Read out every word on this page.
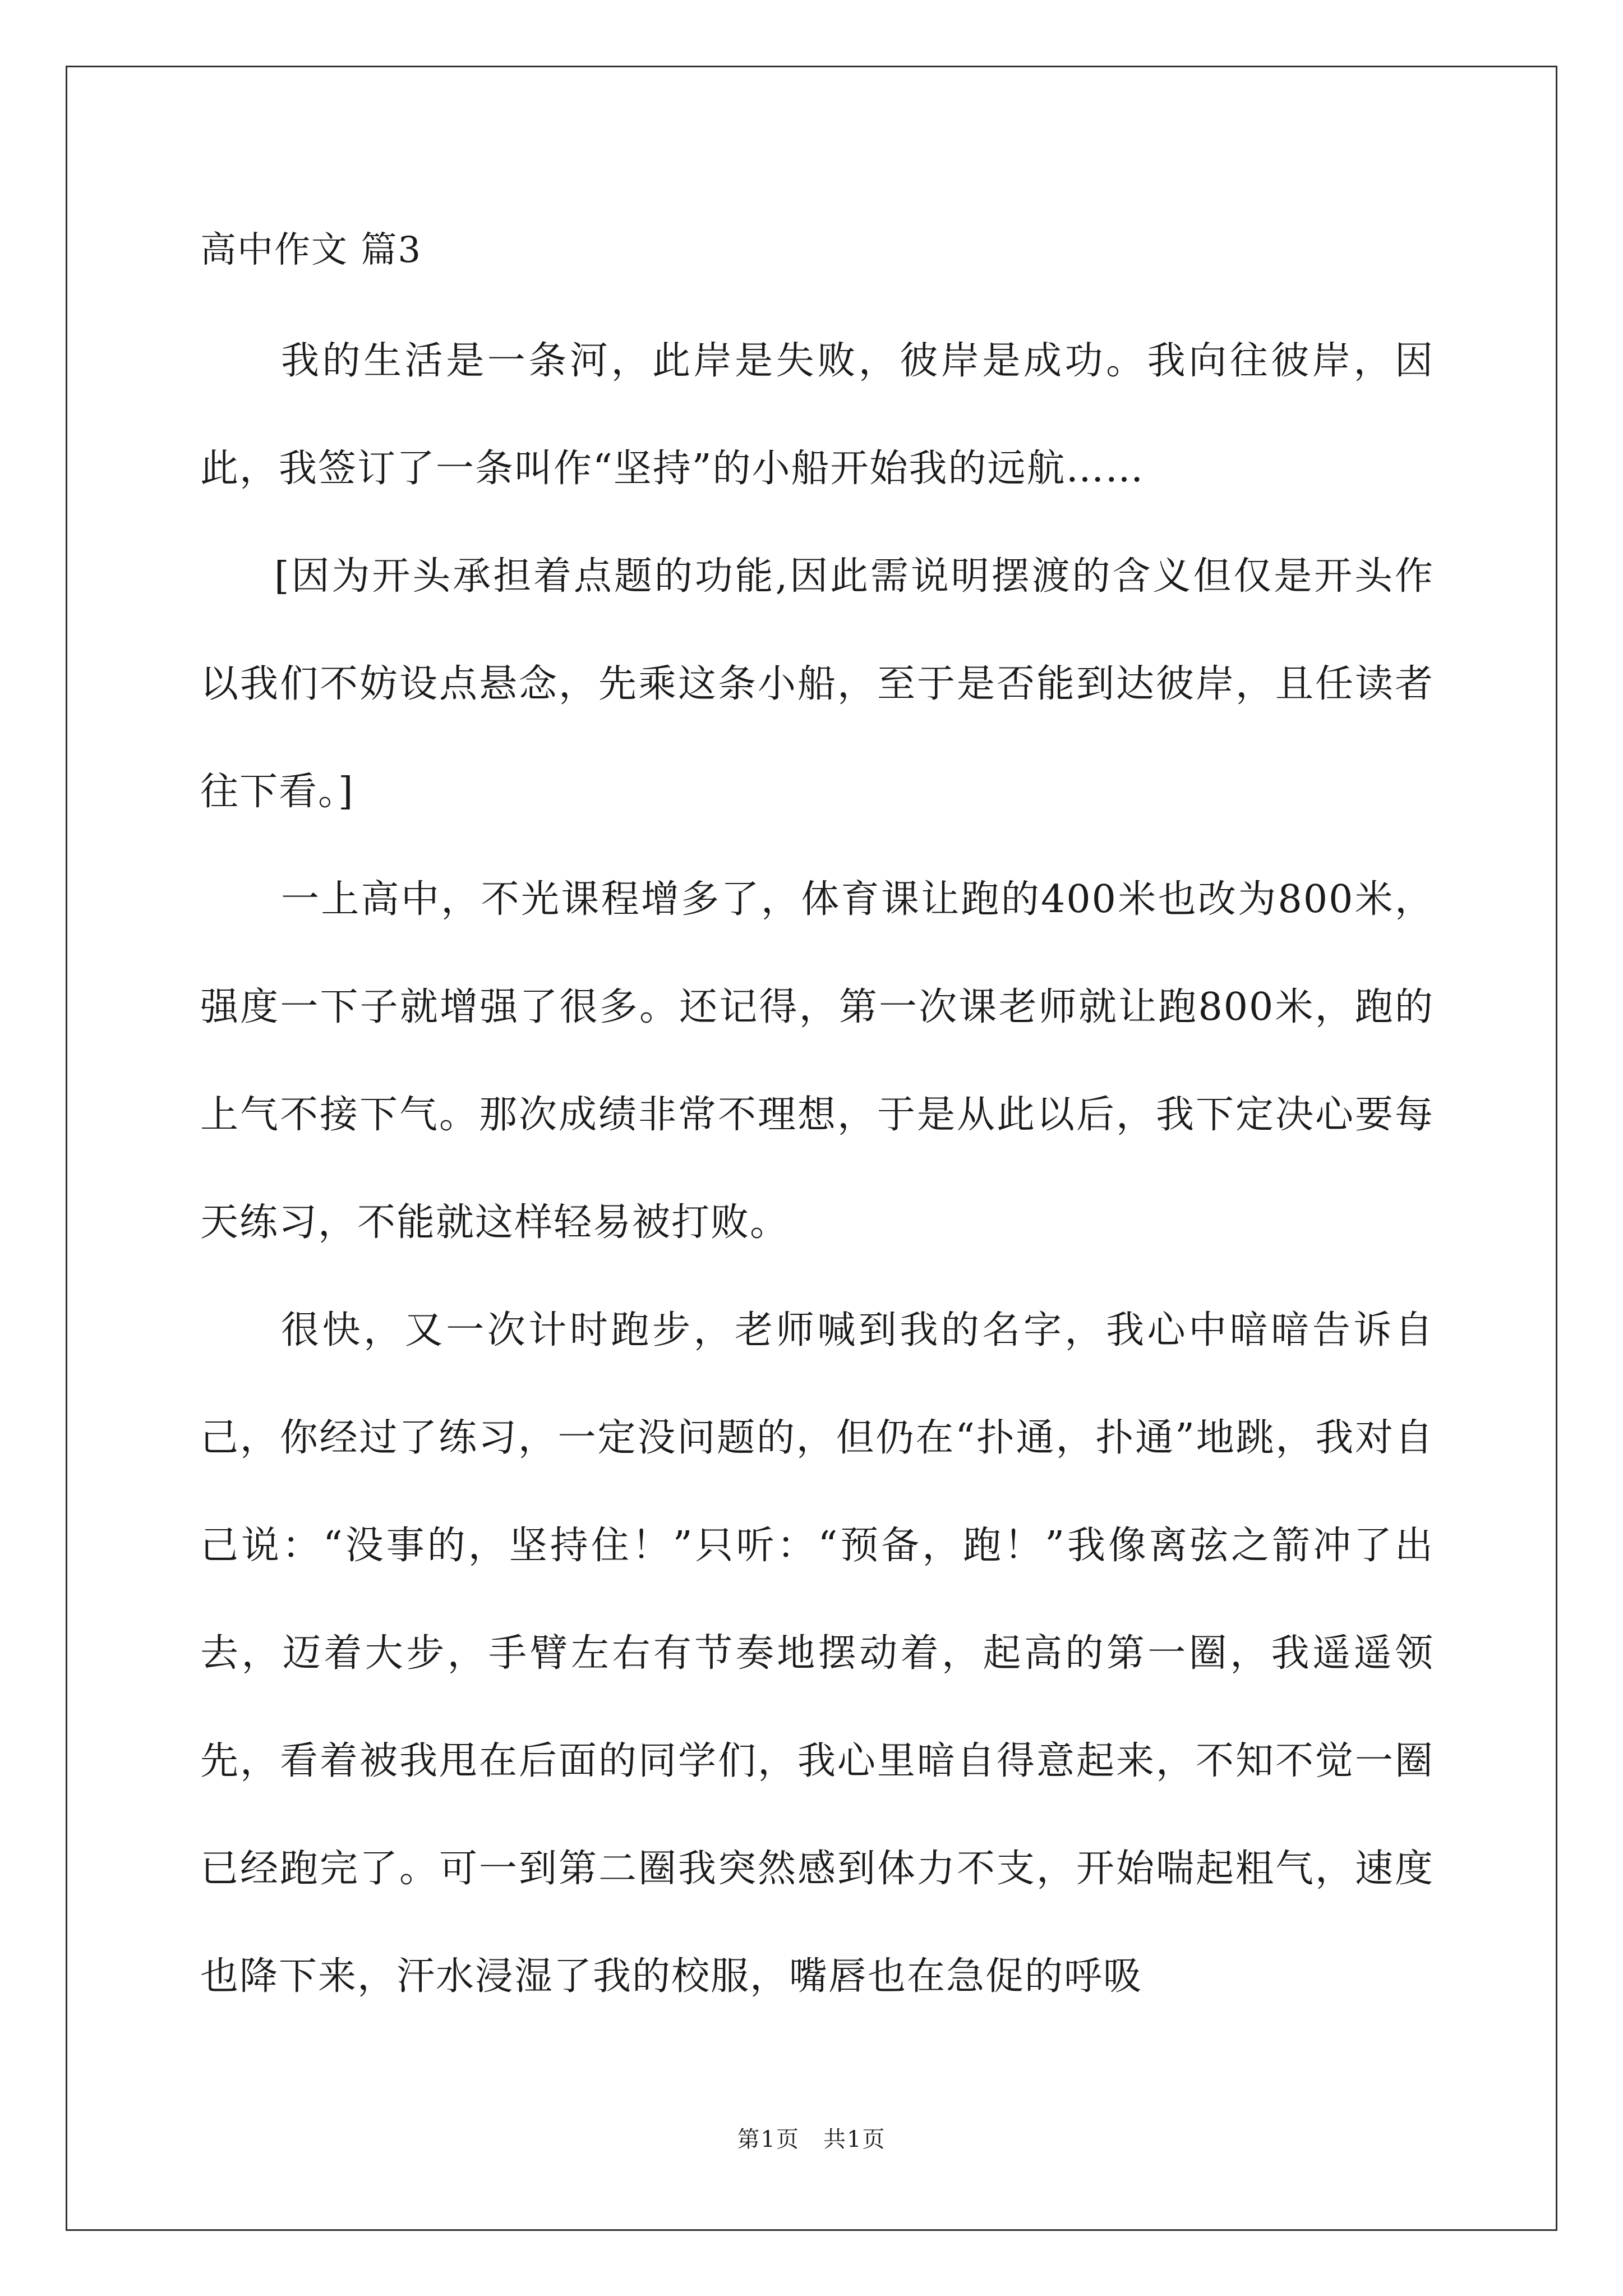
高中作文 篇3

我的生活是一条河，此岸是失败，彼岸是成功。我向往彼岸，因此，我签订了一条叫作“坚持”的小船开始我的远航……

[因为开头承担着点题的功能,因此需说明摆渡的含义但仅是开头作以我们不妨设点悬念，先乘这条小船，至于是否能到达彼岸，且任读者往下看。]

一上高中，不光课程增多了，体育课让跑的400米也改为800米，强度一下子就增强了很多。还记得，第一次课老师就让跑800米，跑的上气不接下气。那次成绩非常不理想，于是从此以后，我下定决心要每天练习，不能就这样轻易被打败。

很快，又一次计时跑步，老师喊到我的名字，我心中暗暗告诉自己，你经过了练习，一定没问题的，但仍在“扑通，扑通”地跳，我对自己说：“没事的，坚持住！”只听：“预备，跑！”我像离弦之箭冲了出去，迈着大步，手臂左右有节奏地摆动着，起高的第一圈，我遥遥领先，看着被我甩在后面的同学们，我心里暗自得意起来，不知不觉一圈已经跑完了。可一到第二圈我突然感到体力不支，开始喘起粗气，速度也降下来，汗水浸湿了我的校服，嘴唇也在急促的呼吸

第1页　共1页
